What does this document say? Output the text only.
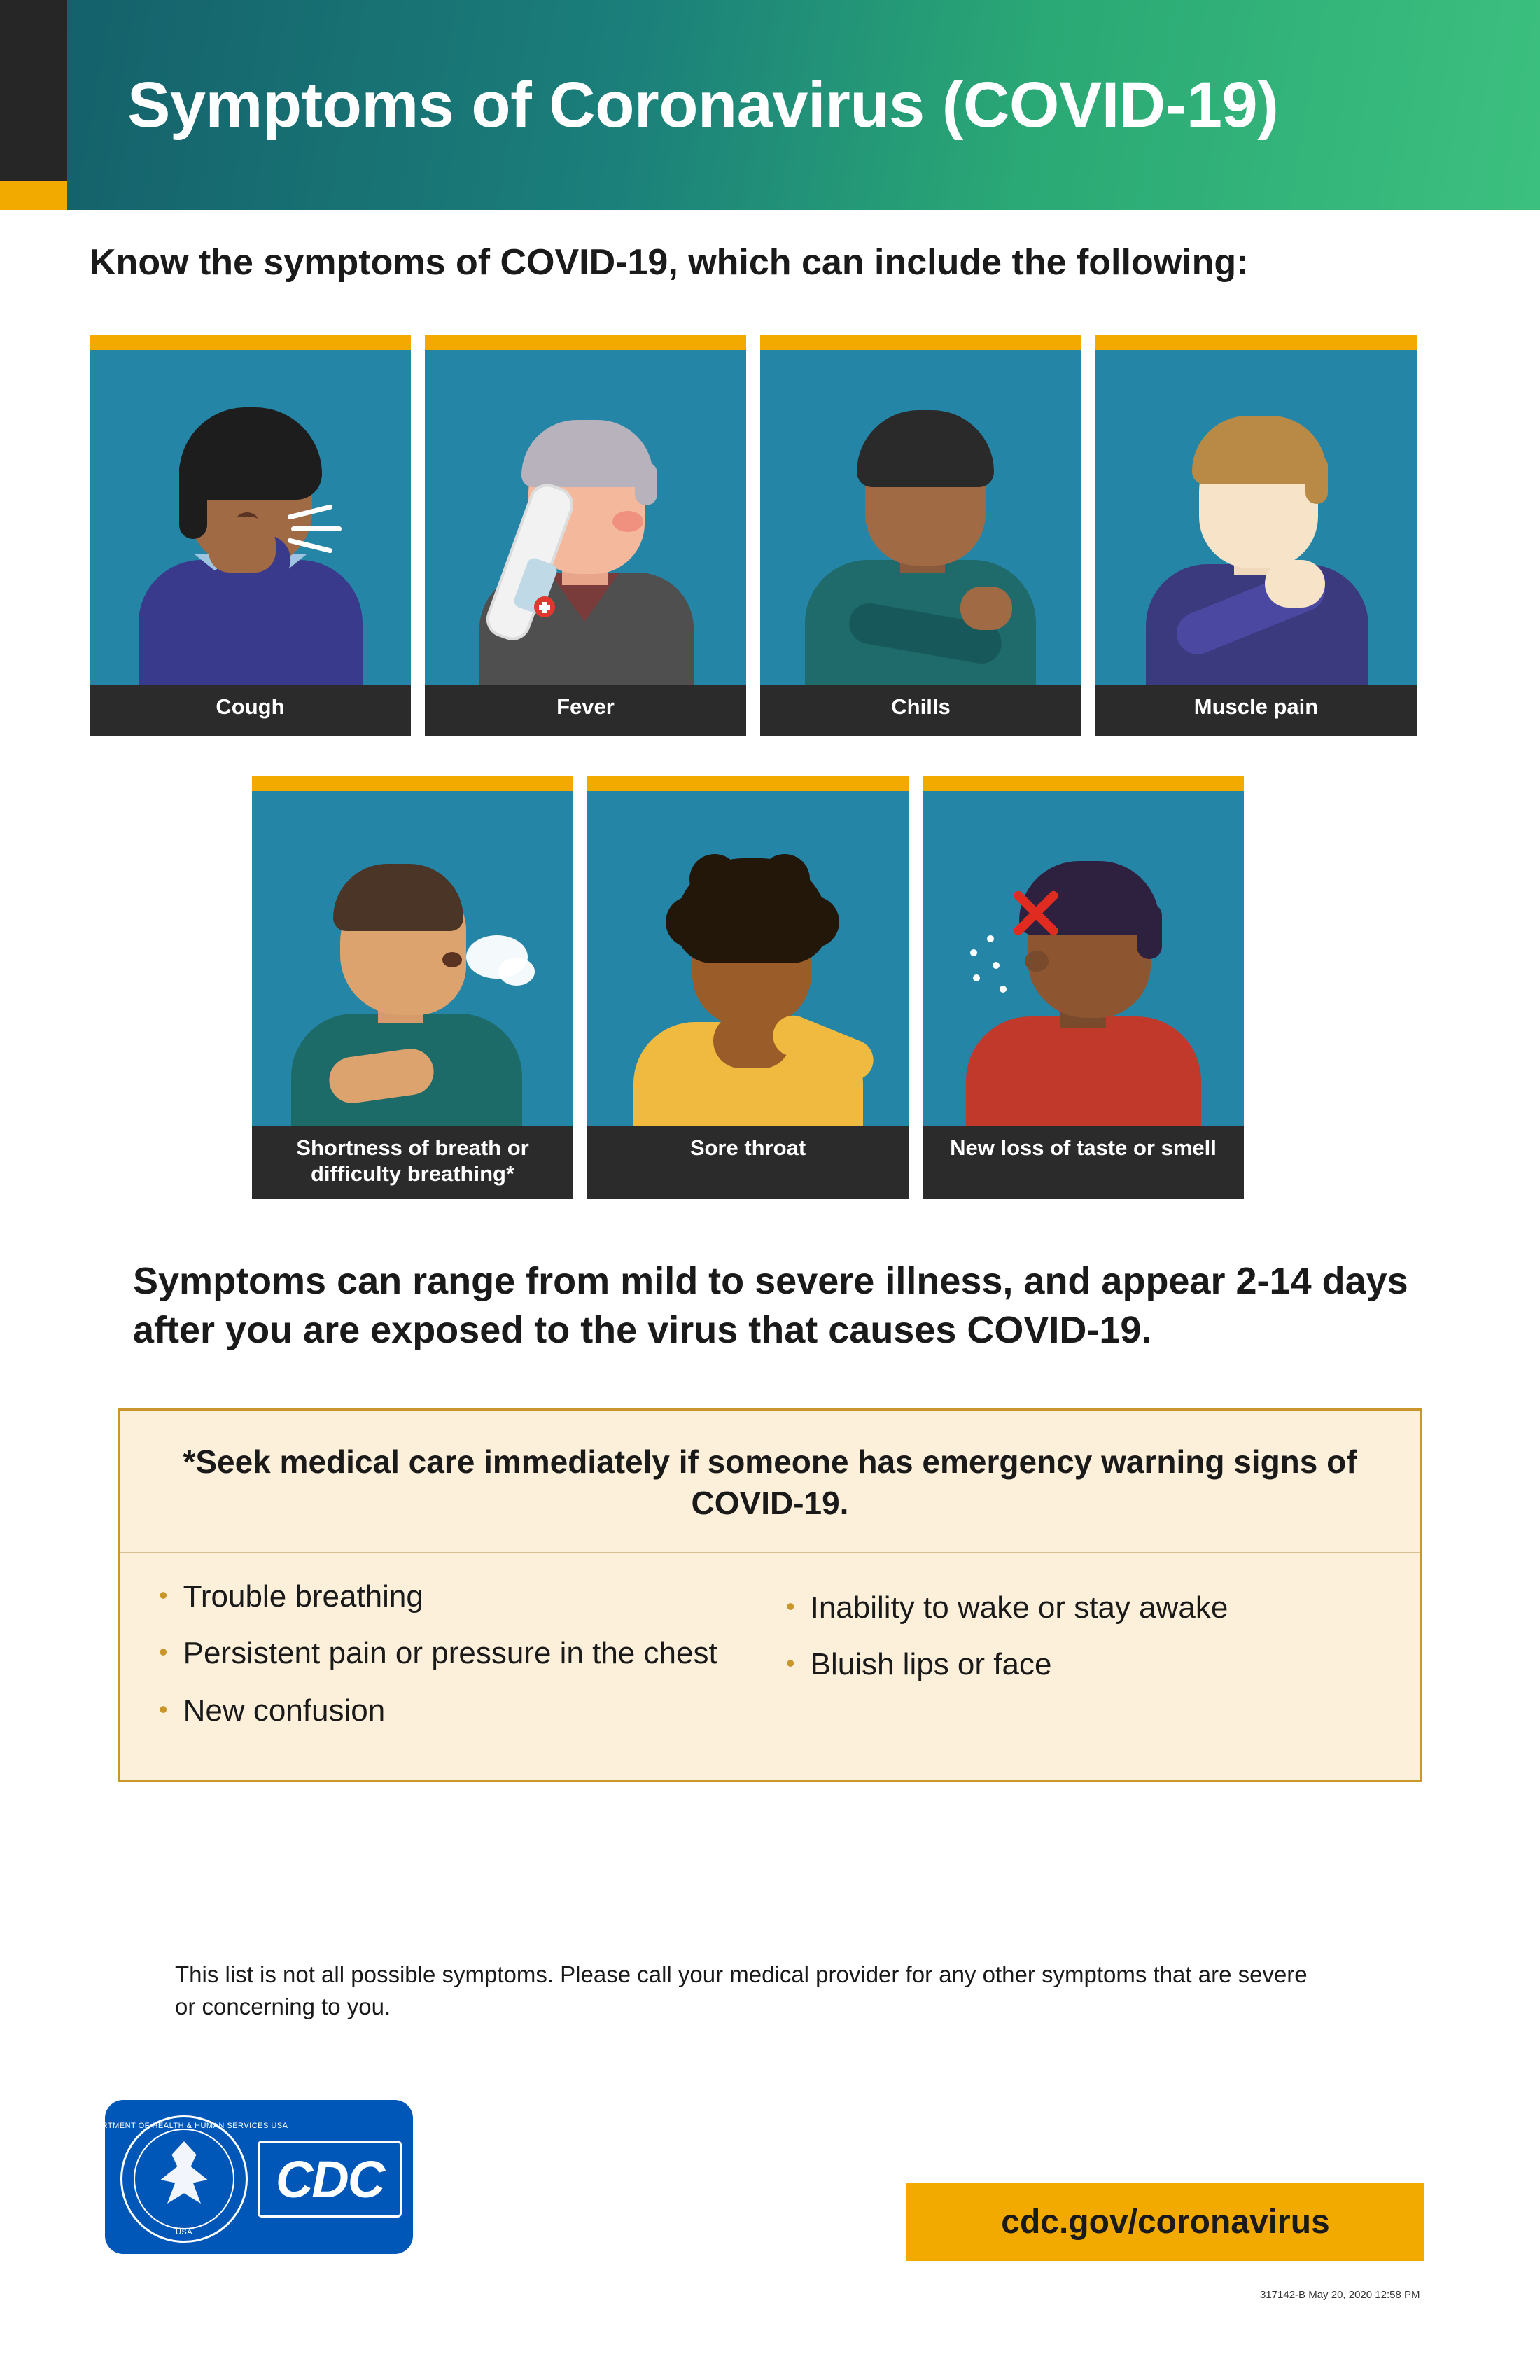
Symptoms of Coronavirus (COVID-19)
Know the symptoms of COVID-19, which can include the following:
Cough	Fever	Chills	Muscle pain
Shortness of breath or difficulty breathing*
Sore throat	New loss of taste or smell
Symptoms can range from mild to severe illness, and appear 2-14 days after you are exposed to the virus that causes COVID-19.
*Seek medical care immediately if someone has emergency warning signs of COVID-19.
• Trouble breathing
• Persistent pain or pressure in the chest
• New confusion
• Inability to wake or stay awake
• Bluish lips or face
This list is not all possible symptoms. Please call your medical provider for any other symptoms that are severe or concerning to you.
DEPARTMENT OF HEALTH & HUMAN SERVICES USA
USA
CDC
cdc.gov/coronavirus
317142-B May 20, 2020 12:58 PM
